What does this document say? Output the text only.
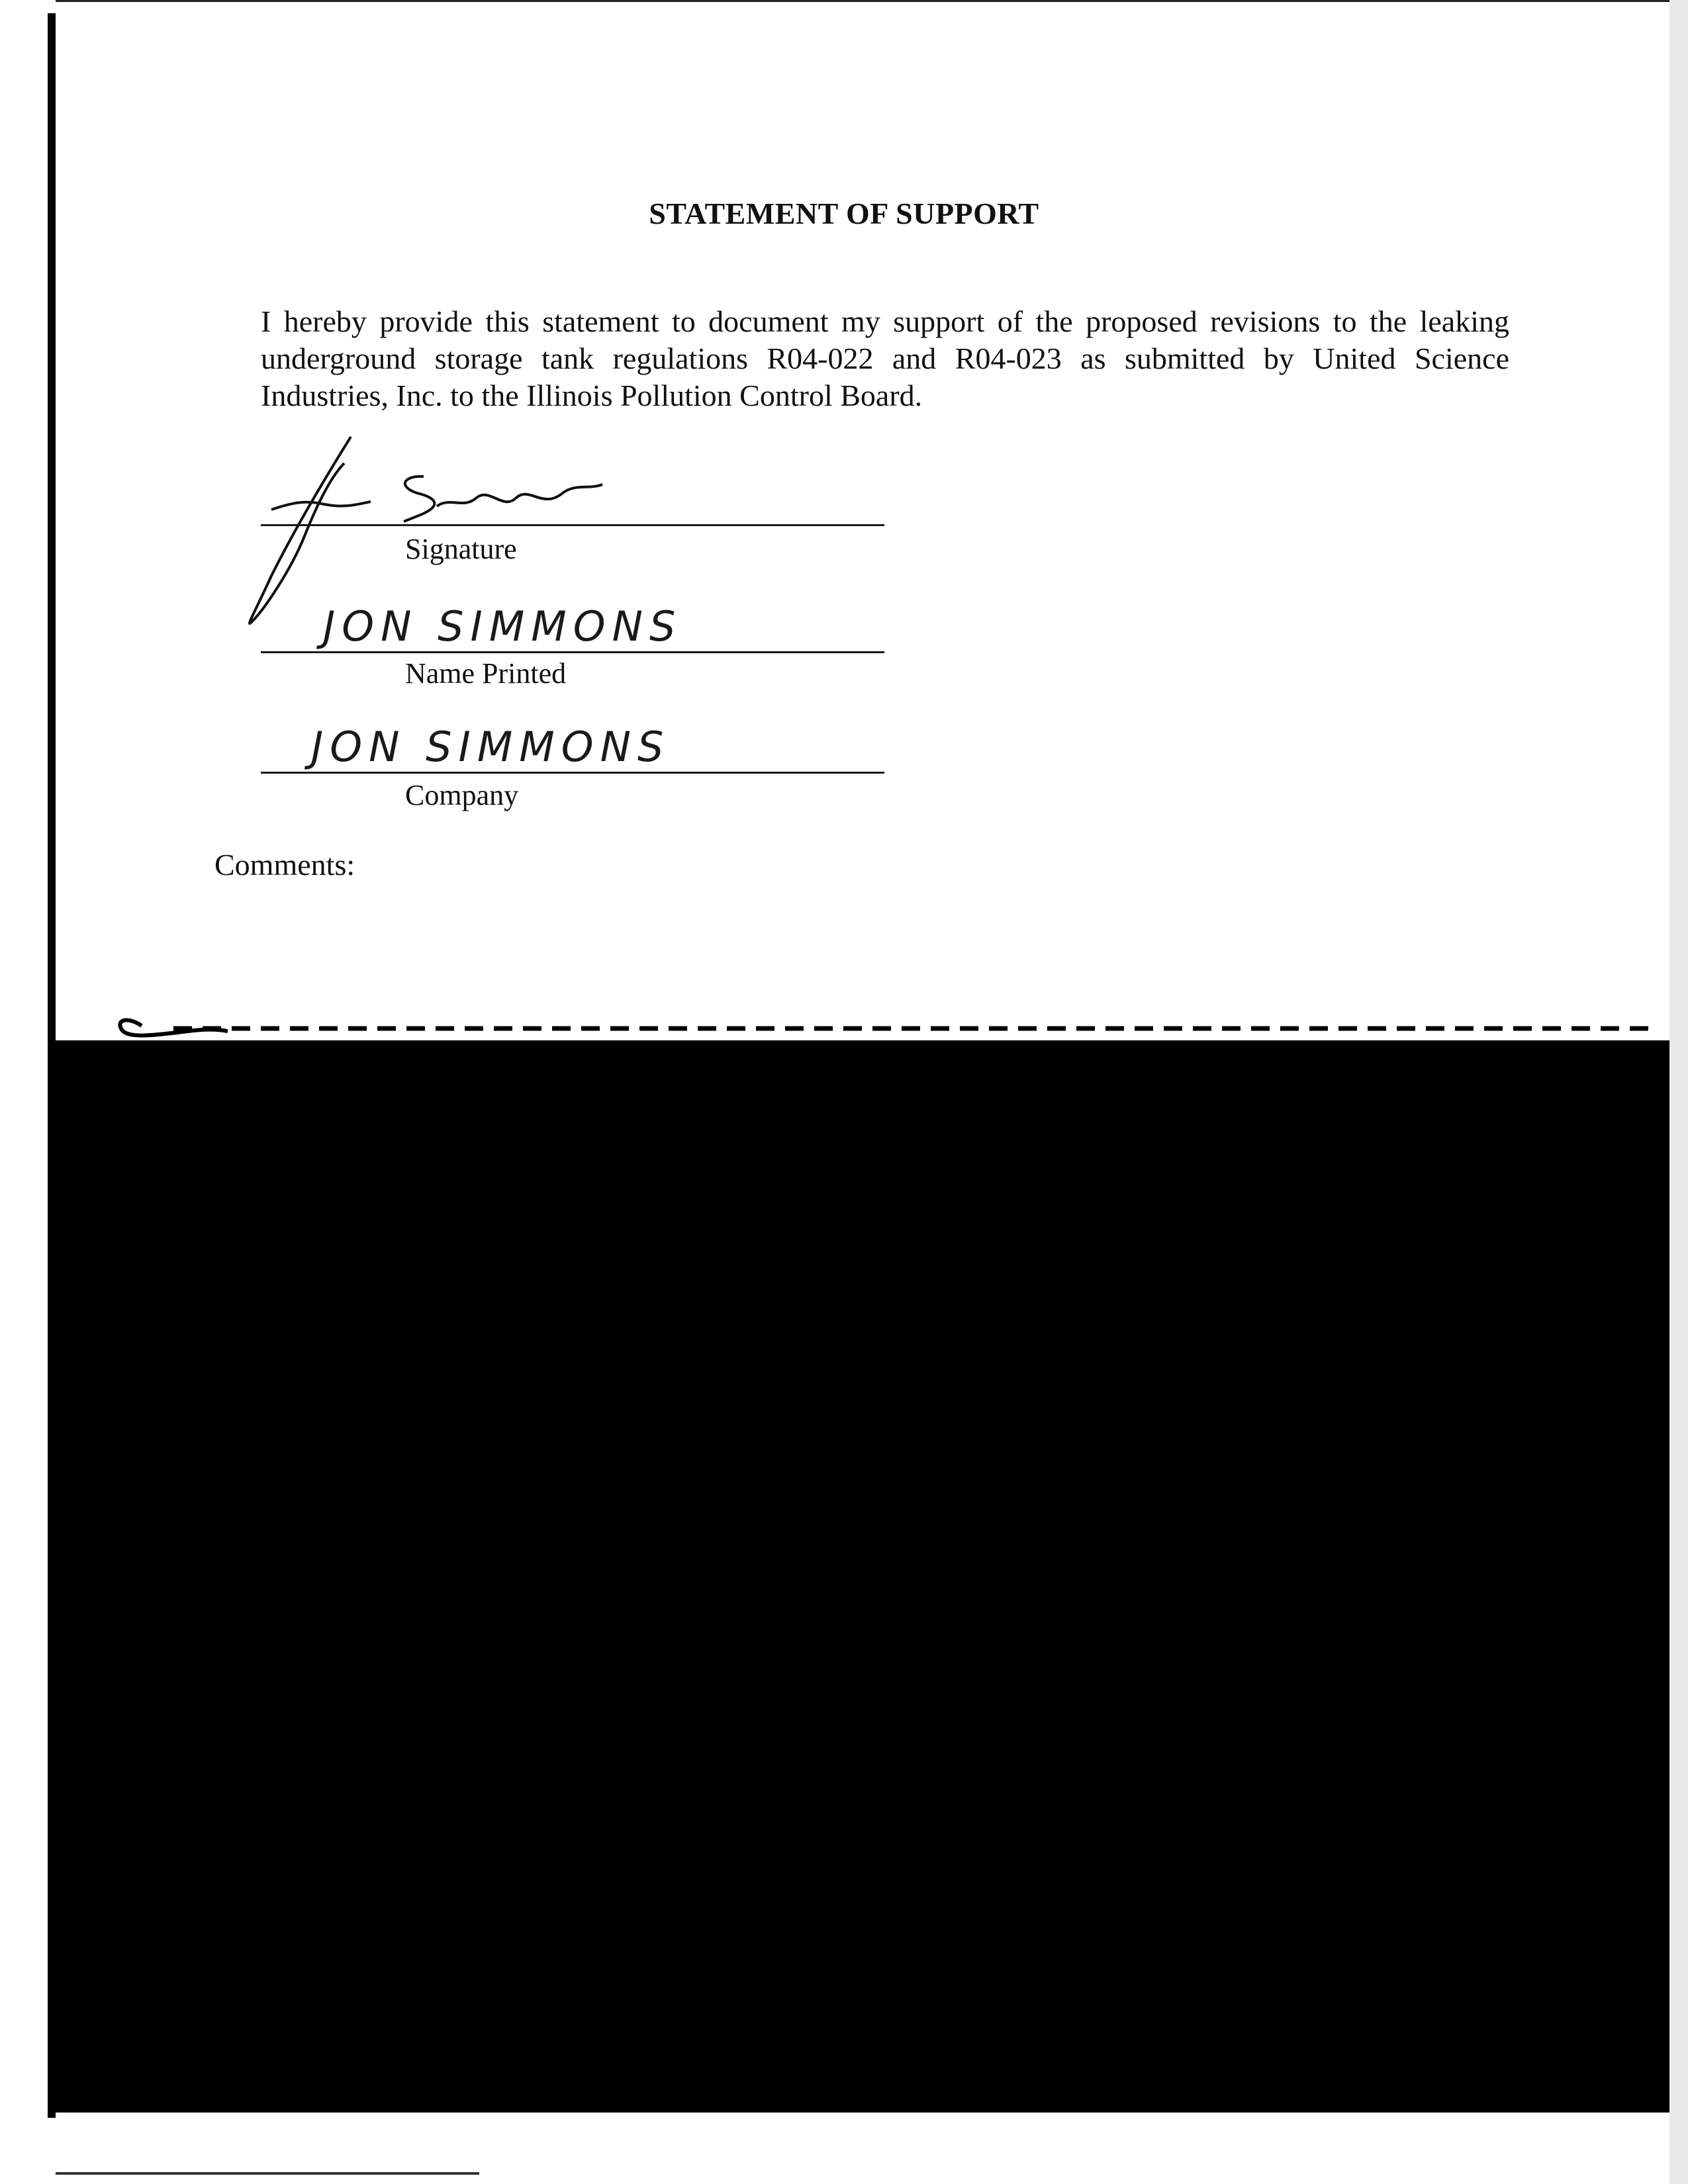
STATEMENT OF SUPPORT

I hereby provide this statement to document my support of the proposed revisions to the leaking underground storage tank regulations R04-022 and R04-023 as submitted by United Science Industries, Inc. to the Illinois Pollution Control Board.

Signature
JON SIMMONS
Name Printed
JON SIMMONS
Company
Comments:
